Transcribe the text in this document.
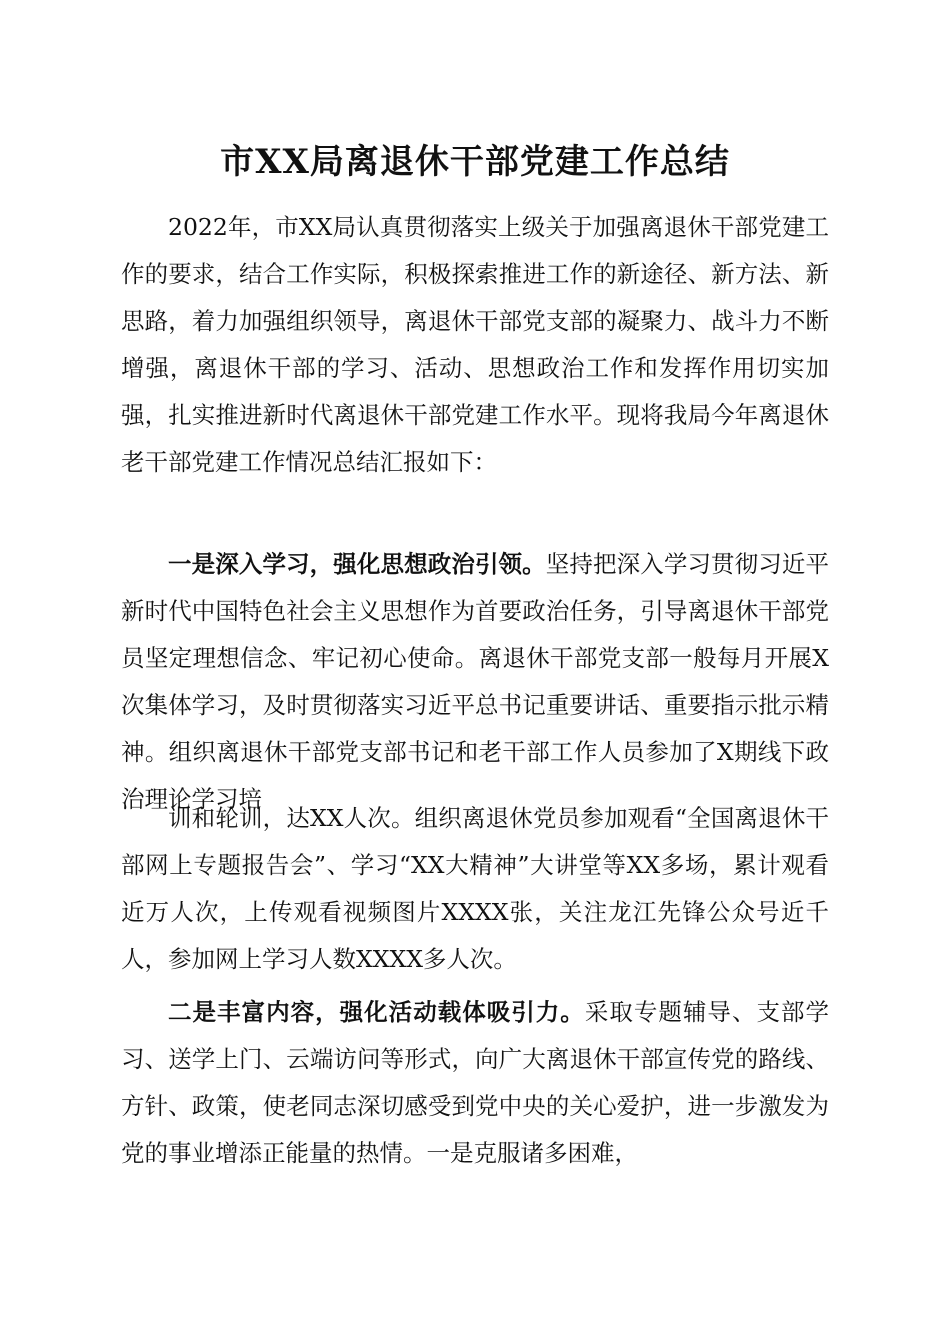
市XX局离退休干部党建工作总结

2022年，市XX局认真贯彻落实上级关于加强离退休干部党建工作的要求，结合工作实际，积极探索推进工作的新途径、新方法、新思路，着力加强组织领导，离退休干部党支部的凝聚力、战斗力不断增强，离退休干部的学习、活动、思想政治工作和发挥作用切实加强，扎实推进新时代离退休干部党建工作水平。现将我局今年离退休老干部党建工作情况总结汇报如下：

一是深入学习，强化思想政治引领。坚持把深入学习贯彻习近平新时代中国特色社会主义思想作为首要政治任务，引导离退休干部党员坚定理想信念、牢记初心使命。离退休干部党支部一般每月开展X次集体学习，及时贯彻落实习近平总书记重要讲话、重要指示批示精神。组织离退休干部党支部书记和老干部工作人员参加了X期线下政治理论学习培

训和轮训，达XX人次。组织离退休党员参加观看“全国离退休干部网上专题报告会”、学习“XX大精神”大讲堂等XX多场，累计观看近万人次，上传观看视频图片XXXX张，关注龙江先锋公众号近千人，参加网上学习人数XXXX多人次。

二是丰富内容，强化活动载体吸引力。采取专题辅导、支部学习、送学上门、云端访问等形式，向广大离退休干部宣传党的路线、方针、政策，使老同志深切感受到党中央的关心爱护，进一步激发为党的事业增添正能量的热情。一是克服诸多困难，
